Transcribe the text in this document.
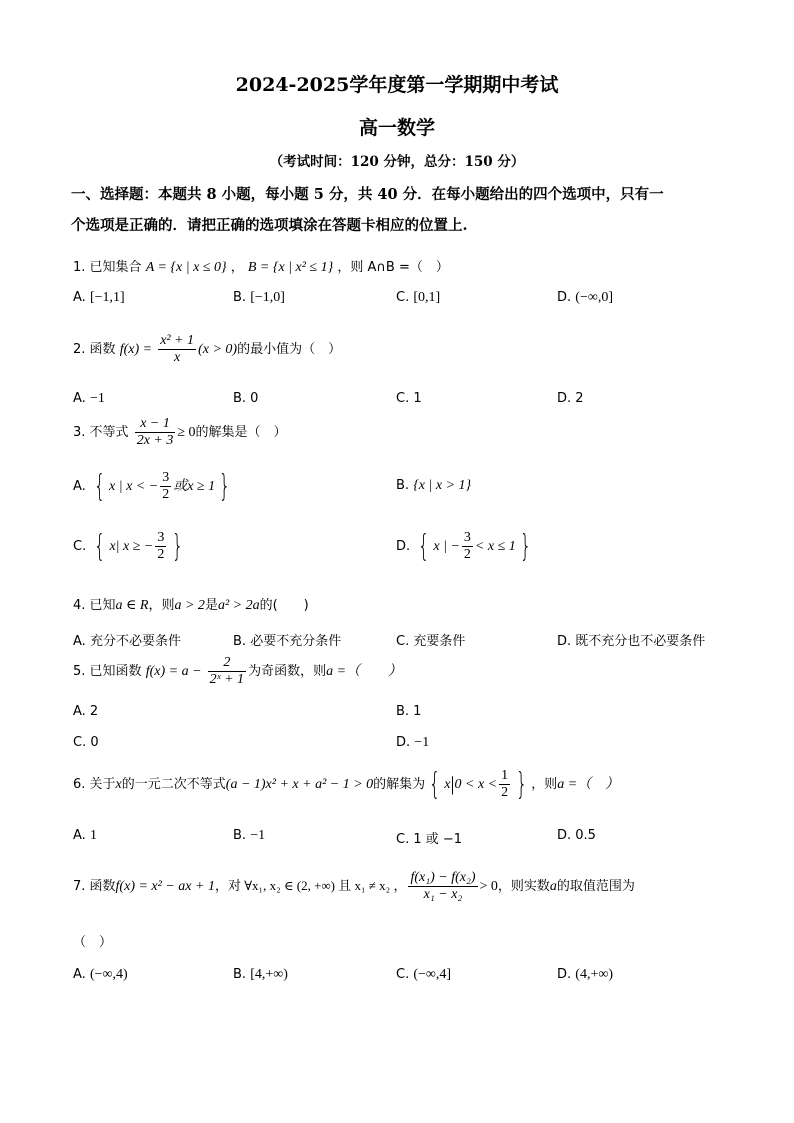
2024-2025学年度第一学期期中考试
高一数学
（考试时间：120 分钟，总分：150 分）
一、选择题：本题共 8 小题，每小题 5 分，共 40 分．在每小题给出的四个选项中，只有一
个选项是正确的．请把正确的选项填涂在答题卡相应的位置上.
1. 已知集合 A = {x | x ≤ 0} ， B = {x | x² ≤ 1} ，则 A∩B =（　）
A. [−1,1]	B. [−1,0]	C. [0,1]	D. (−∞,0]
2. 函数 $f(x) = \frac{\text{x² + 1}}{x} (x > 0)$的最小值为（　）
A. −1	B. 0	C. 1	D. 2
3. 不等式 $\frac{x - 1}{2x + 3} \ge 0$的解集是（　）
A. { x | x < − $\frac{3}{2}$ 或x ≥ 1 }	B. {x | x > 1}
C. { x| x ≥ − $\frac{3}{2}$ }	D. { x | − $\frac{3}{2} < x \le 1$ }
4. 已知a ∈ R，则a > 2是a² > 2a的(　　)
A. 充分不必要条件	B. 必要不充分条件	C. 充要条件	D. 既不充分也不必要条件
5. 已知函数 $f(x) = a - \frac{2}{\text{2ˣ + 1}}$ 为奇函数，则a =（　　）
A. 2	B. 1
C. 0	D. −1
6. 关于x的一元二次不等式(a − 1)x² + x + a² − 1 > 0的解集为 { $x|0 < x < \frac{1}{2}$ } ，则a =（　）
A. 1	B. −1	C. 1 或 −1	D. 0.5
7. 函数f(x) = x² − ax + 1，对 ∀x₁, x₂ ∈ (2, +∞) 且 x₁ ≠ x₂ ， $\frac{\text{f(x₁) − f(x₂)}}{\text{x₁ − x₂}} > 0$，则实数a的取值范围为
（　）
A. (−∞,4)	B. [4,+∞)	C. (−∞,4]	D. (4,+∞)
